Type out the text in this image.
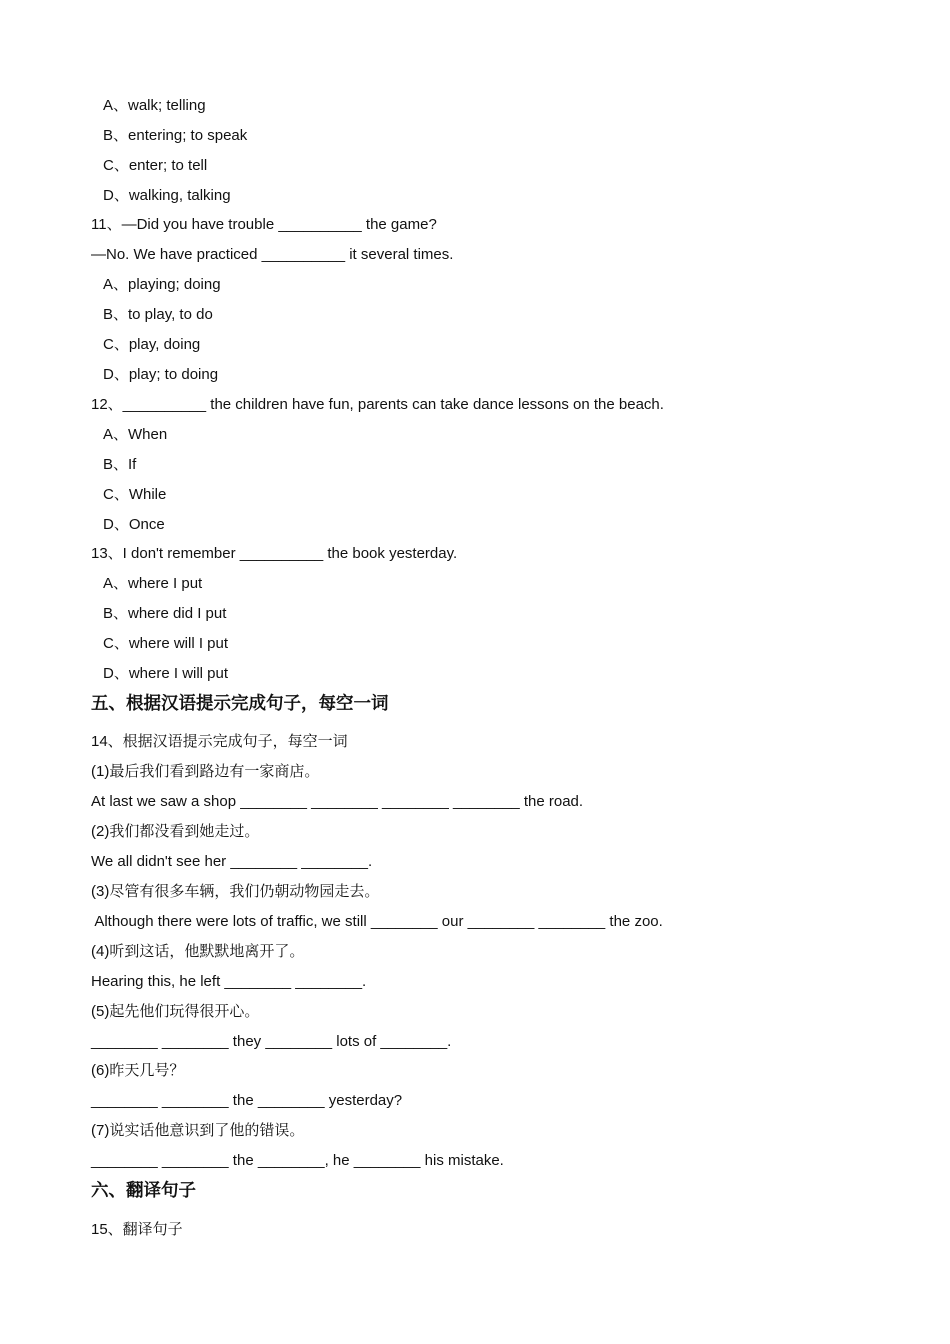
A、walk; telling
B、entering; to speak
C、enter; to tell
D、walking, talking
11、—Did you have trouble __________ the game?
—No. We have practiced __________ it several times.
A、playing; doing
B、to play, to do
C、play, doing
D、play; to doing
12、__________ the children have fun, parents can take dance lessons on the beach.
A、When
B、If
C、While
D、Once
13、I don't remember __________ the book yesterday.
A、where I put
B、where did I put
C、where will I put
D、where I will put
五、根据汉语提示完成句子，每空一词
14、根据汉语提示完成句子，每空一词
(1)最后我们看到路边有一家商店。
At last we saw a shop ________ ________ ________ ________ the road.
(2)我们都没看到她走过。
We all didn't see her ________ ________.
(3)尽管有很多车辆，我们仍朝动物园走去。
Although there were lots of traffic, we still ________ our ________ ________ the zoo.
(4)听到这话，他默默地离开了。
Hearing this, he left ________ ________.
(5)起先他们玩得很开心。
________ ________ they ________ lots of ________.
(6)昨天几号？
________ ________ the ________ yesterday?
(7)说实话他意识到了他的错误。
________ ________ the ________, he ________ his mistake.
六、翻译句子
15、翻译句子
